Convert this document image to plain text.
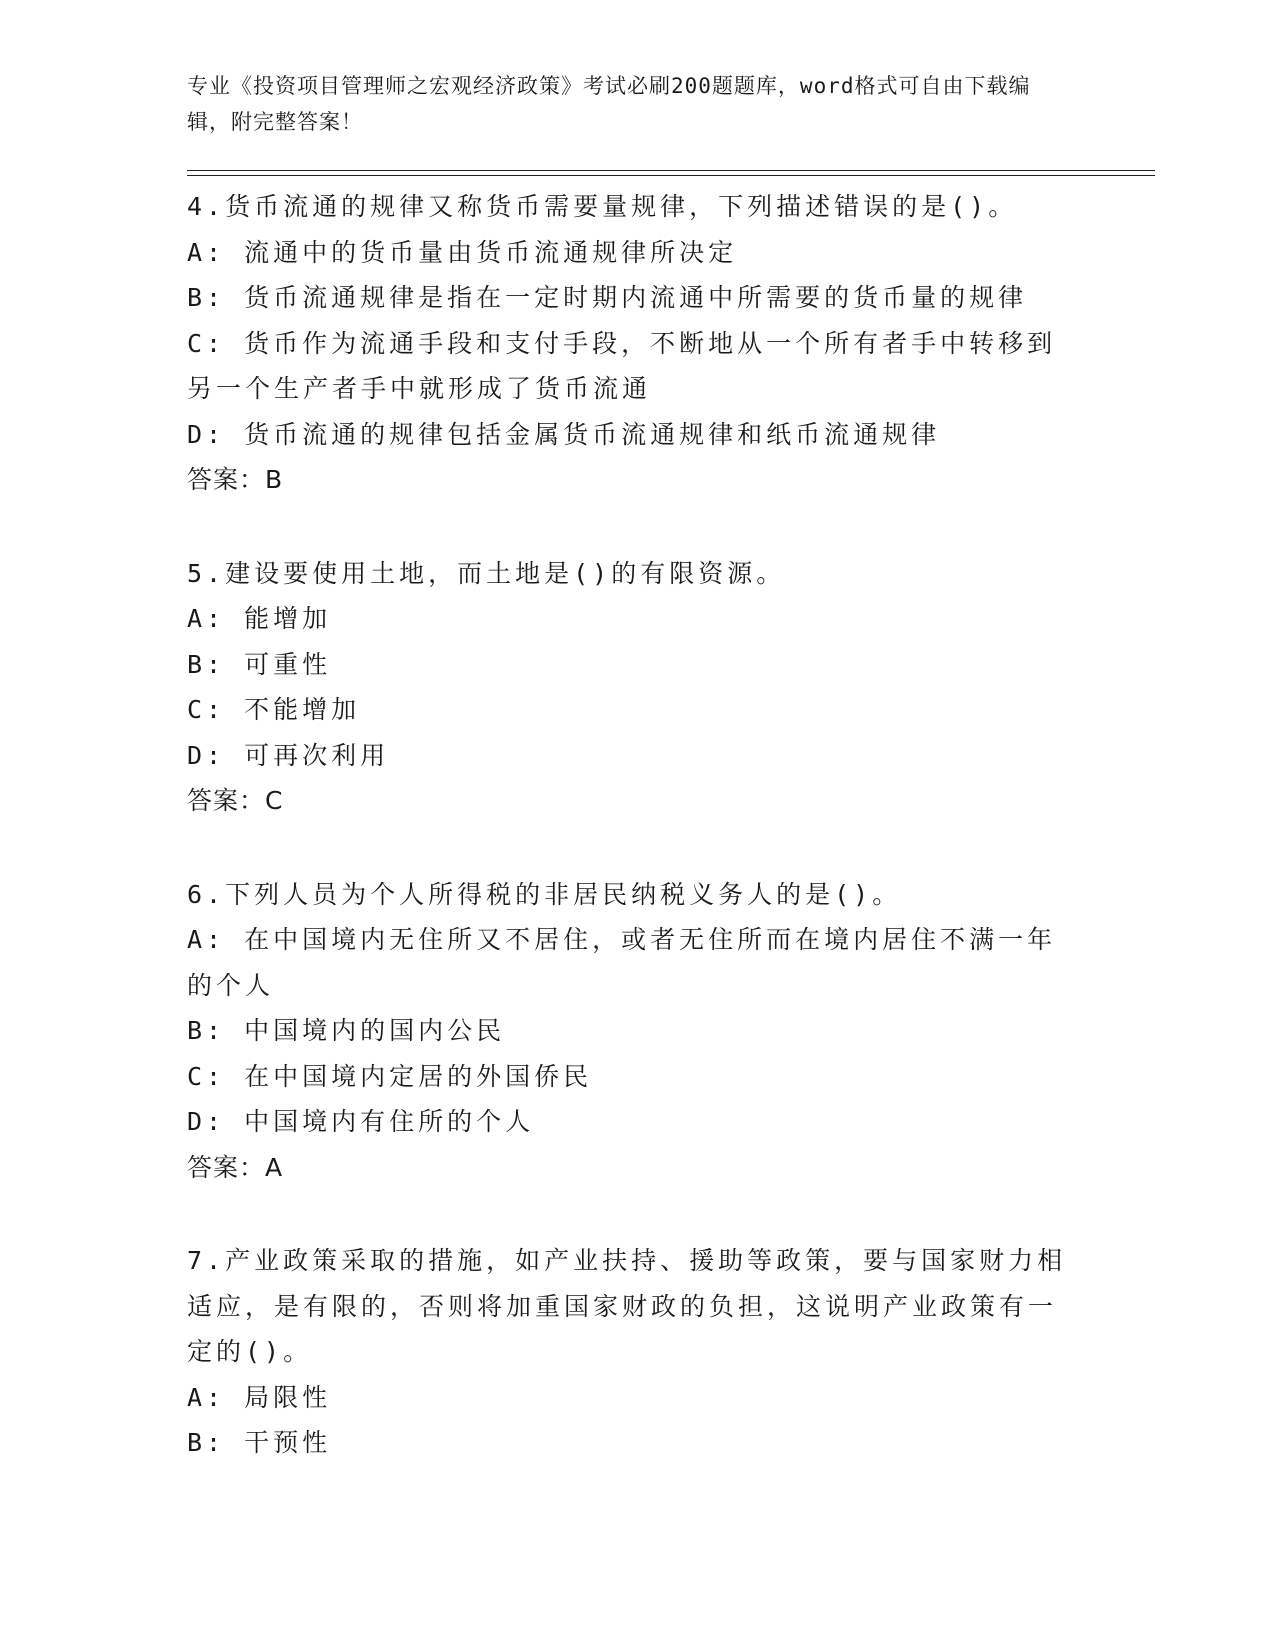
专业《投资项目管理师之宏观经济政策》考试必刷200题题库，word格式可自由下载编辑，附完整答案！

4.货币流通的规律又称货币需要量规律，下列描述错误的是()。

A: 流通中的货币量由货币流通规律所决定

B: 货币流通规律是指在一定时期内流通中所需要的货币量的规律

C: 货币作为流通手段和支付手段，不断地从一个所有者手中转移到另一个生产者手中就形成了货币流通

D: 货币流通的规律包括金属货币流通规律和纸币流通规律

答案：B

5.建设要使用土地，而土地是()的有限资源。

A: 能增加

B: 可重性

C: 不能增加

D: 可再次利用

答案：C

6.下列人员为个人所得税的非居民纳税义务人的是()。

A: 在中国境内无住所又不居住，或者无住所而在境内居住不满一年的个人

B: 中国境内的国内公民

C: 在中国境内定居的外国侨民

D: 中国境内有住所的个人

答案：A

7.产业政策采取的措施，如产业扶持、援助等政策，要与国家财力相适应，是有限的，否则将加重国家财政的负担，这说明产业政策有一定的()。

A: 局限性

B: 干预性
